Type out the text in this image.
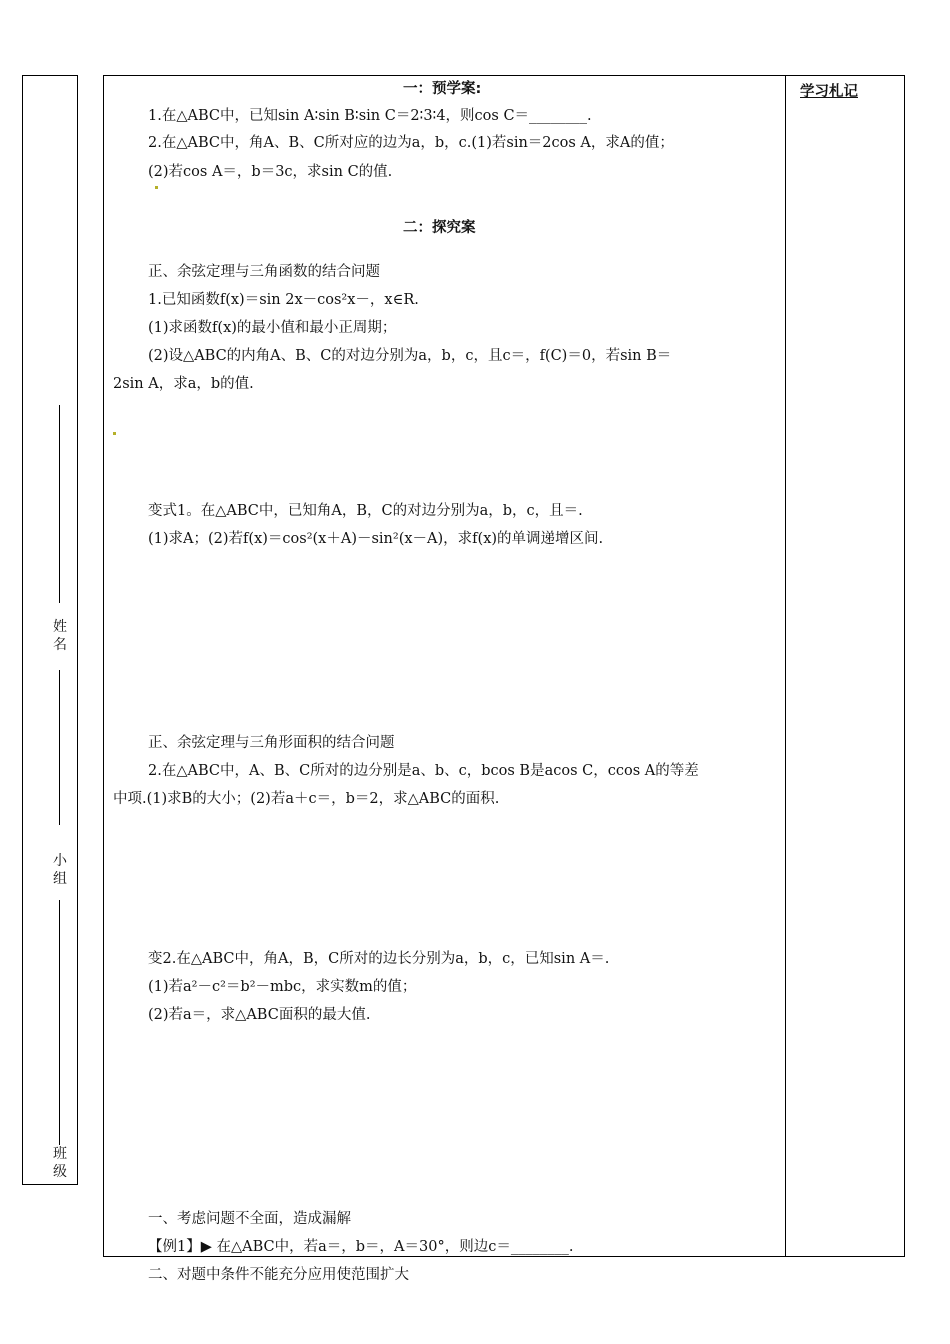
姓名
小组
班级
学习札记
一：预学案:
1.在△ABC中，已知sin A∶sin B∶sin C＝2∶3∶4，则cos C＝________.
2.在△ABC中，角A、B、C所对应的边为a，b，c.(1)若sin＝2cos A，求A的值；
(2)若cos A＝，b＝3c，求sin C的值.
二：探究案
正、余弦定理与三角函数的结合问题
1.已知函数f(x)＝sin 2x－cos²x－，x∈R.
(1)求函数f(x)的最小值和最小正周期；
(2)设△ABC的内角A、B、C的对边分别为a，b，c，且c＝，f(C)＝0，若sin B＝
2sin A，求a，b的值.
变式1。在△ABC中，已知角A，B，C的对边分别为a，b，c，且＝.
(1)求A；(2)若f(x)＝cos²(x＋A)－sin²(x－A)，求f(x)的单调递增区间.
正、余弦定理与三角形面积的结合问题
2.在△ABC中，A、B、C所对的边分别是a、b、c，bcos B是acos C，ccos A的等差
中项.(1)求B的大小；(2)若a＋c＝，b＝2，求△ABC的面积.
变2.在△ABC中，角A，B，C所对的边长分别为a，b，c，已知sin A＝.
(1)若a²－c²＝b²－mbc，求实数m的值；
(2)若a＝，求△ABC面积的最大值.
一、考虑问题不全面，造成漏解
【例1】▶ 在△ABC中，若a＝，b＝，A＝30°，则边c＝________.
二、对题中条件不能充分应用使范围扩大
